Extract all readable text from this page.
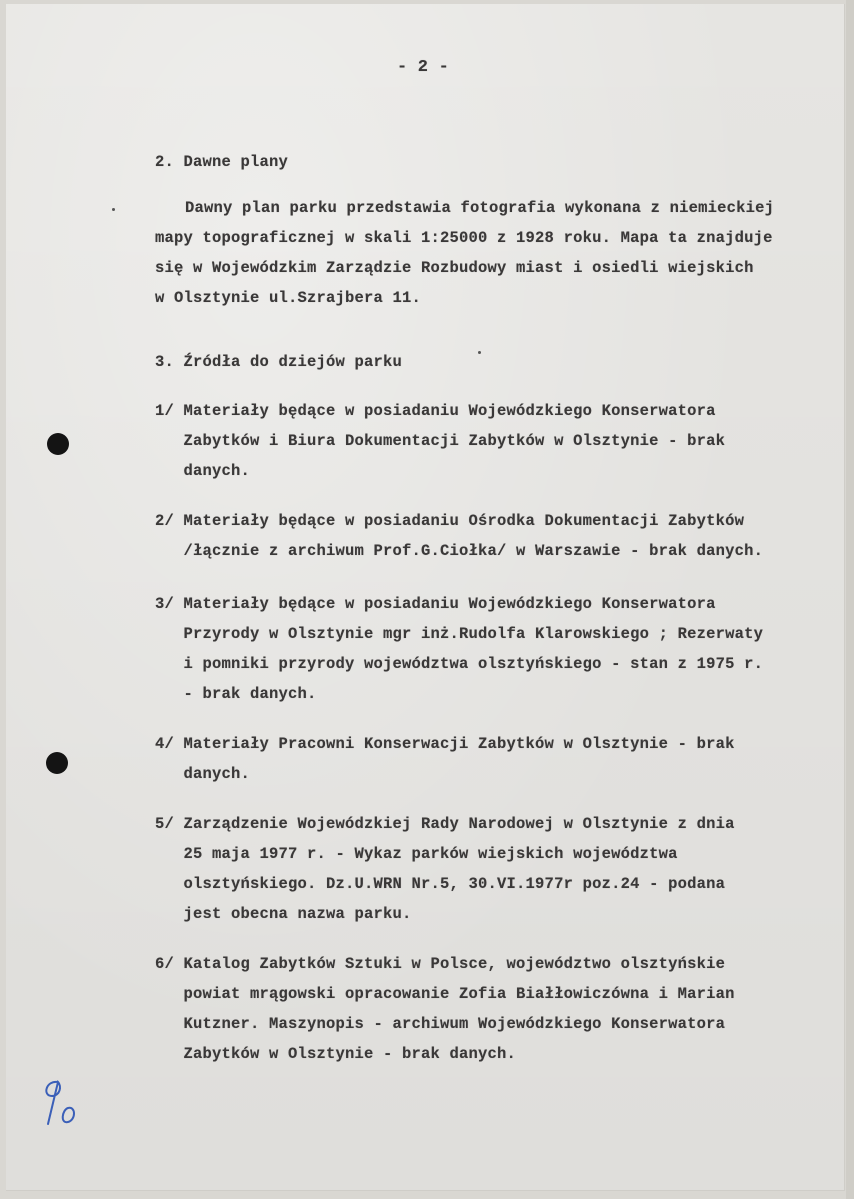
- 2 -
2. Dawne plany
Dawny plan parku przedstawia fotografia wykonana z niemieckiej
mapy topograficznej w skali 1:25000 z 1928 roku. Mapa ta znajduje
się w Wojewódzkim Zarządzie Rozbudowy miast i osiedli wiejskich
w Olsztynie ul.Szrajbera 11.
3. Źródła do dziejów parku
1/ Materiały będące w posiadaniu Wojewódzkiego Konserwatora
Zabytków i Biura Dokumentacji Zabytków w Olsztynie - brak
danych.
2/ Materiały będące w posiadaniu Ośrodka Dokumentacji Zabytków
/łącznie z archiwum Prof.G.Ciołka/ w Warszawie - brak danych.
3/ Materiały będące w posiadaniu Wojewódzkiego Konserwatora
Przyrody w Olsztynie mgr inż.Rudolfa Klarowskiego ; Rezerwaty
i pomniki przyrody województwa olsztyńskiego - stan z 1975 r.
- brak danych.
4/ Materiały Pracowni Konserwacji Zabytków w Olsztynie - brak
danych.
5/ Zarządzenie Wojewódzkiej Rady Narodowej w Olsztynie z dnia
25 maja 1977 r. - Wykaz parków wiejskich województwa
olsztyńskiego. Dz.U.WRN Nr.5, 30.VI.1977r poz.24 - podana
jest obecna nazwa parku.
6/ Katalog Zabytków Sztuki w Polsce, województwo olsztyńskie
powiat mrągowski opracowanie Zofia Białłowiczówna i Marian
Kutzner. Maszynopis - archiwum Wojewódzkiego Konserwatora
Zabytków w Olsztynie - brak danych.
